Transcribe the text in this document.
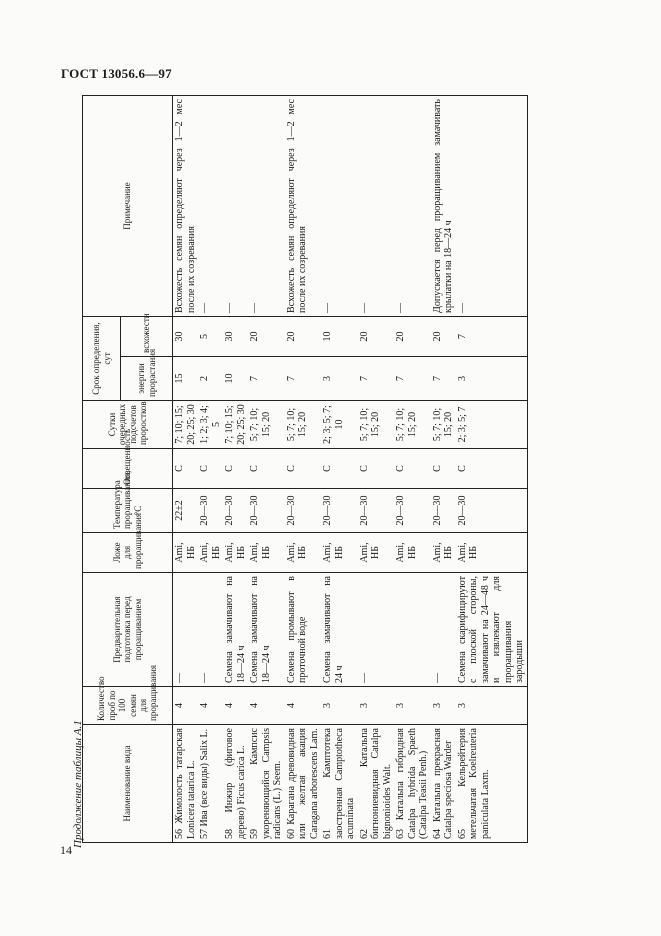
ГОСТ 13056.6—97
14
Продолжение таблицы А.1	Наименование вида	Количество проб по 100 семян для проращивания	Предварительная подготовка перед проращиванием	Ложе для проращивания	Температура проращивания, °С	Освещенность	Сутки очередных подсчетов проростков	Срок определения, сут		Примечание
							энергии прорастания	всхожести	
56 Жимолость татарская Lonicera tatarica L.	4	—	Ami, НБ	22±2	С	7; 10; 15; 20; 25; 30	15	30	Всхожесть семян определяют через 1—2 мес после их созревания
57 Ива (все виды) Salix L.	4	—	Ami, НБ	20—30	С	1; 2; 3; 4; 5	2	5	—
58 Инжир (фиговое дерево) Ficus carica L.	4	Семена замачивают на 18—24 ч	Ami, НБ	20—30	С	7; 10; 15; 20; 25; 30	10	30	—
59 Кампсис укореняющийся Campsis radicans (L.) Seem.	4	Семена замачивают на 18—24 ч	Ami, НБ	20—30	С	5; 7; 10; 15; 20	7	20	—
60 Карагана древовидная или желтая акация Caragana arborescens Lam.	4	Семена промывают в проточной воде	Ami, НБ	20—30	С	5; 7; 10; 15; 20	7	20	Всхожесть семян определяют через 1—2 мес после их созревания
61 Камптотека заостренная Camptotheca acuminata	3	Семена замачивают на 24 ч	Ami, НБ	20—30	С	2; 3; 5; 7; 10	3	10	—
62 Катальпа бигнониевидная Catalpa bignonioides Walt.	3	—	Ami, НБ	20—30	С	5; 7; 10; 15; 20	7	20	—
63 Катальпа гибридная Catalpa hybrida Spaeth (Catalpa Teasii Penh.)	3		Ami, НБ	20—30	С	5; 7; 10; 15; 20	7	20	—
64 Катальпа прекрасная Catalpa speciosa Warder	3	—	Ami, НБ	20—30	С	5; 7; 10; 15; 20	7	20	Допускается перед проращиванием замачивать крылатки на 18—24 ч
65 Кельрейтерия метельчатая Koelreuteria paniculata Laxm.	3	Семена скарифицируют с плоской стороны, замачивают на 24—48 ч и извлекают для проращивания зародыши	Ami, НБ	20—30	С	2; 3; 5; 7	3	7	—
